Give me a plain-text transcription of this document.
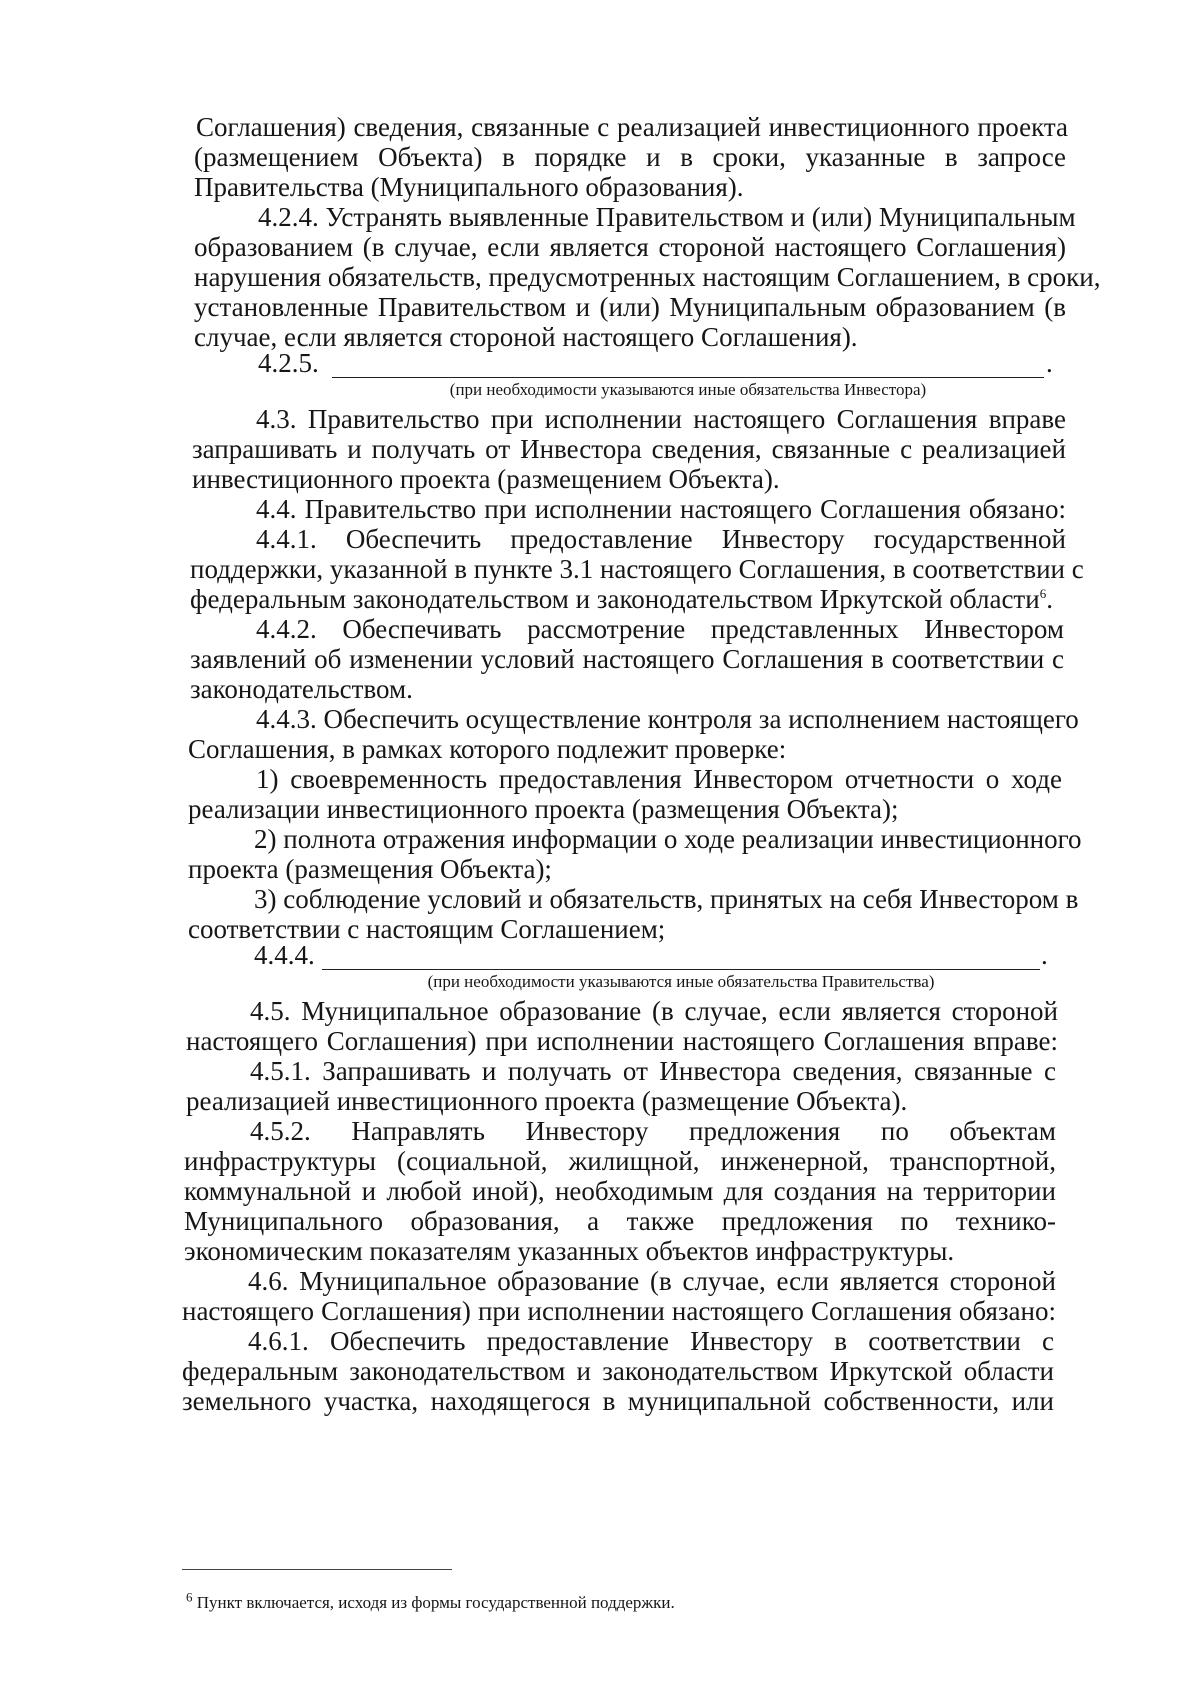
Соглашения) сведения, связанные с реализацией инвестиционного проекта
(размещением Объекта) в порядке и в сроки, указанные в запросе
Правительства (Муниципального образования).
4.2.4. Устранять выявленные Правительством и (или) Муниципальным
образованием (в случае, если является стороной настоящего Соглашения)
нарушения обязательств, предусмотренных настоящим Соглашением, в сроки,
установленные Правительством и (или) Муниципальным образованием (в
случае, если является стороной настоящего Соглашения).
4.2.5.	.
(при необходимости указываются иные обязательства Инвестора)
4.3. Правительство при исполнении настоящего Соглашения вправе
запрашивать и получать от Инвестора сведения, связанные с реализацией
инвестиционного проекта (размещением Объекта).
4.4. Правительство при исполнении настоящего Соглашения обязано:
4.4.1. Обеспечить предоставление Инвестору государственной
поддержки, указанной в пункте 3.1 настоящего Соглашения, в соответствии с
федеральным законодательством и законодательством Иркутской области$^6$.
4.4.2. Обеспечивать рассмотрение представленных Инвестором
заявлений об изменении условий настоящего Соглашения в соответствии с
законодательством.
4.4.3. Обеспечить осуществление контроля за исполнением настоящего
Соглашения, в рамках которого подлежит проверке:
1) своевременность предоставления Инвестором отчетности о ходе
реализации инвестиционного проекта (размещения Объекта);
2) полнота отражения информации о ходе реализации инвестиционного
проекта (размещения Объекта);
3) соблюдение условий и обязательств, принятых на себя Инвестором в
соответствии с настоящим Соглашением;
4.4.4.	.
(при необходимости указываются иные обязательства Правительства)
4.5. Муниципальное образование (в случае, если является стороной
настоящего Соглашения) при исполнении настоящего Соглашения вправе:
4.5.1. Запрашивать и получать от Инвестора сведения, связанные с
реализацией инвестиционного проекта (размещение Объекта).
4.5.2. Направлять Инвестору предложения по объектам
инфраструктуры (социальной, жилищной, инженерной, транспортной,
коммунальной и любой иной), необходимым для создания на территории
Муниципального образования, а также предложения по технико-
экономическим показателям указанных объектов инфраструктуры.
4.6. Муниципальное образование (в случае, если является стороной
настоящего Соглашения) при исполнении настоящего Соглашения обязано:
4.6.1. Обеспечить предоставление Инвестору в соответствии с
федеральным законодательством и законодательством Иркутской области
земельного участка, находящегося в муниципальной собственности, или
$^6$ Пункт включается, исходя из формы государственной поддержки.
